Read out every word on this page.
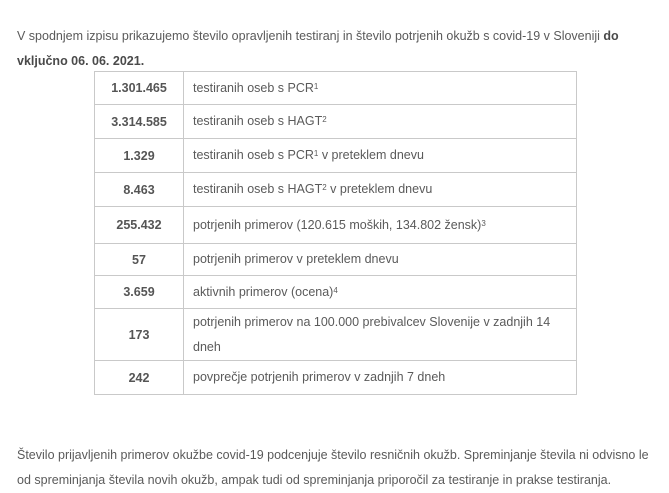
V spodnjem izpisu prikazujemo število opravljenih testiranj in število potrjenih okužb s covid-19 v Sloveniji do vključno 06. 06. 2021.

1.301.465	testiranih oseb s PCR$^1$
3.314.585	testiranih oseb s HAGT$^2$
1.329	testiranih oseb s PCR$^1$ v preteklem dnevu
8.463	testiranih oseb s HAGT$^2$ v preteklem dnevu
255.432	potrjenih primerov (120.615 moških, 134.802 žensk)$^3$
57	potrjenih primerov v preteklem dnevu
3.659	aktivnih primerov (ocena)$^4$
173	potrjenih primerov na 100.000 prebivalcev Slovenije v zadnjih 14 dneh
242	povprečje potrjenih primerov v zadnjih 7 dneh

Število prijavljenih primerov okužbe covid-19 podcenjuje število resničnih okužb. Spreminjanje števila ni odvisno le od spreminjanja števila novih okužb, ampak tudi od spreminjanja priporočil za testiranje in prakse testiranja.
